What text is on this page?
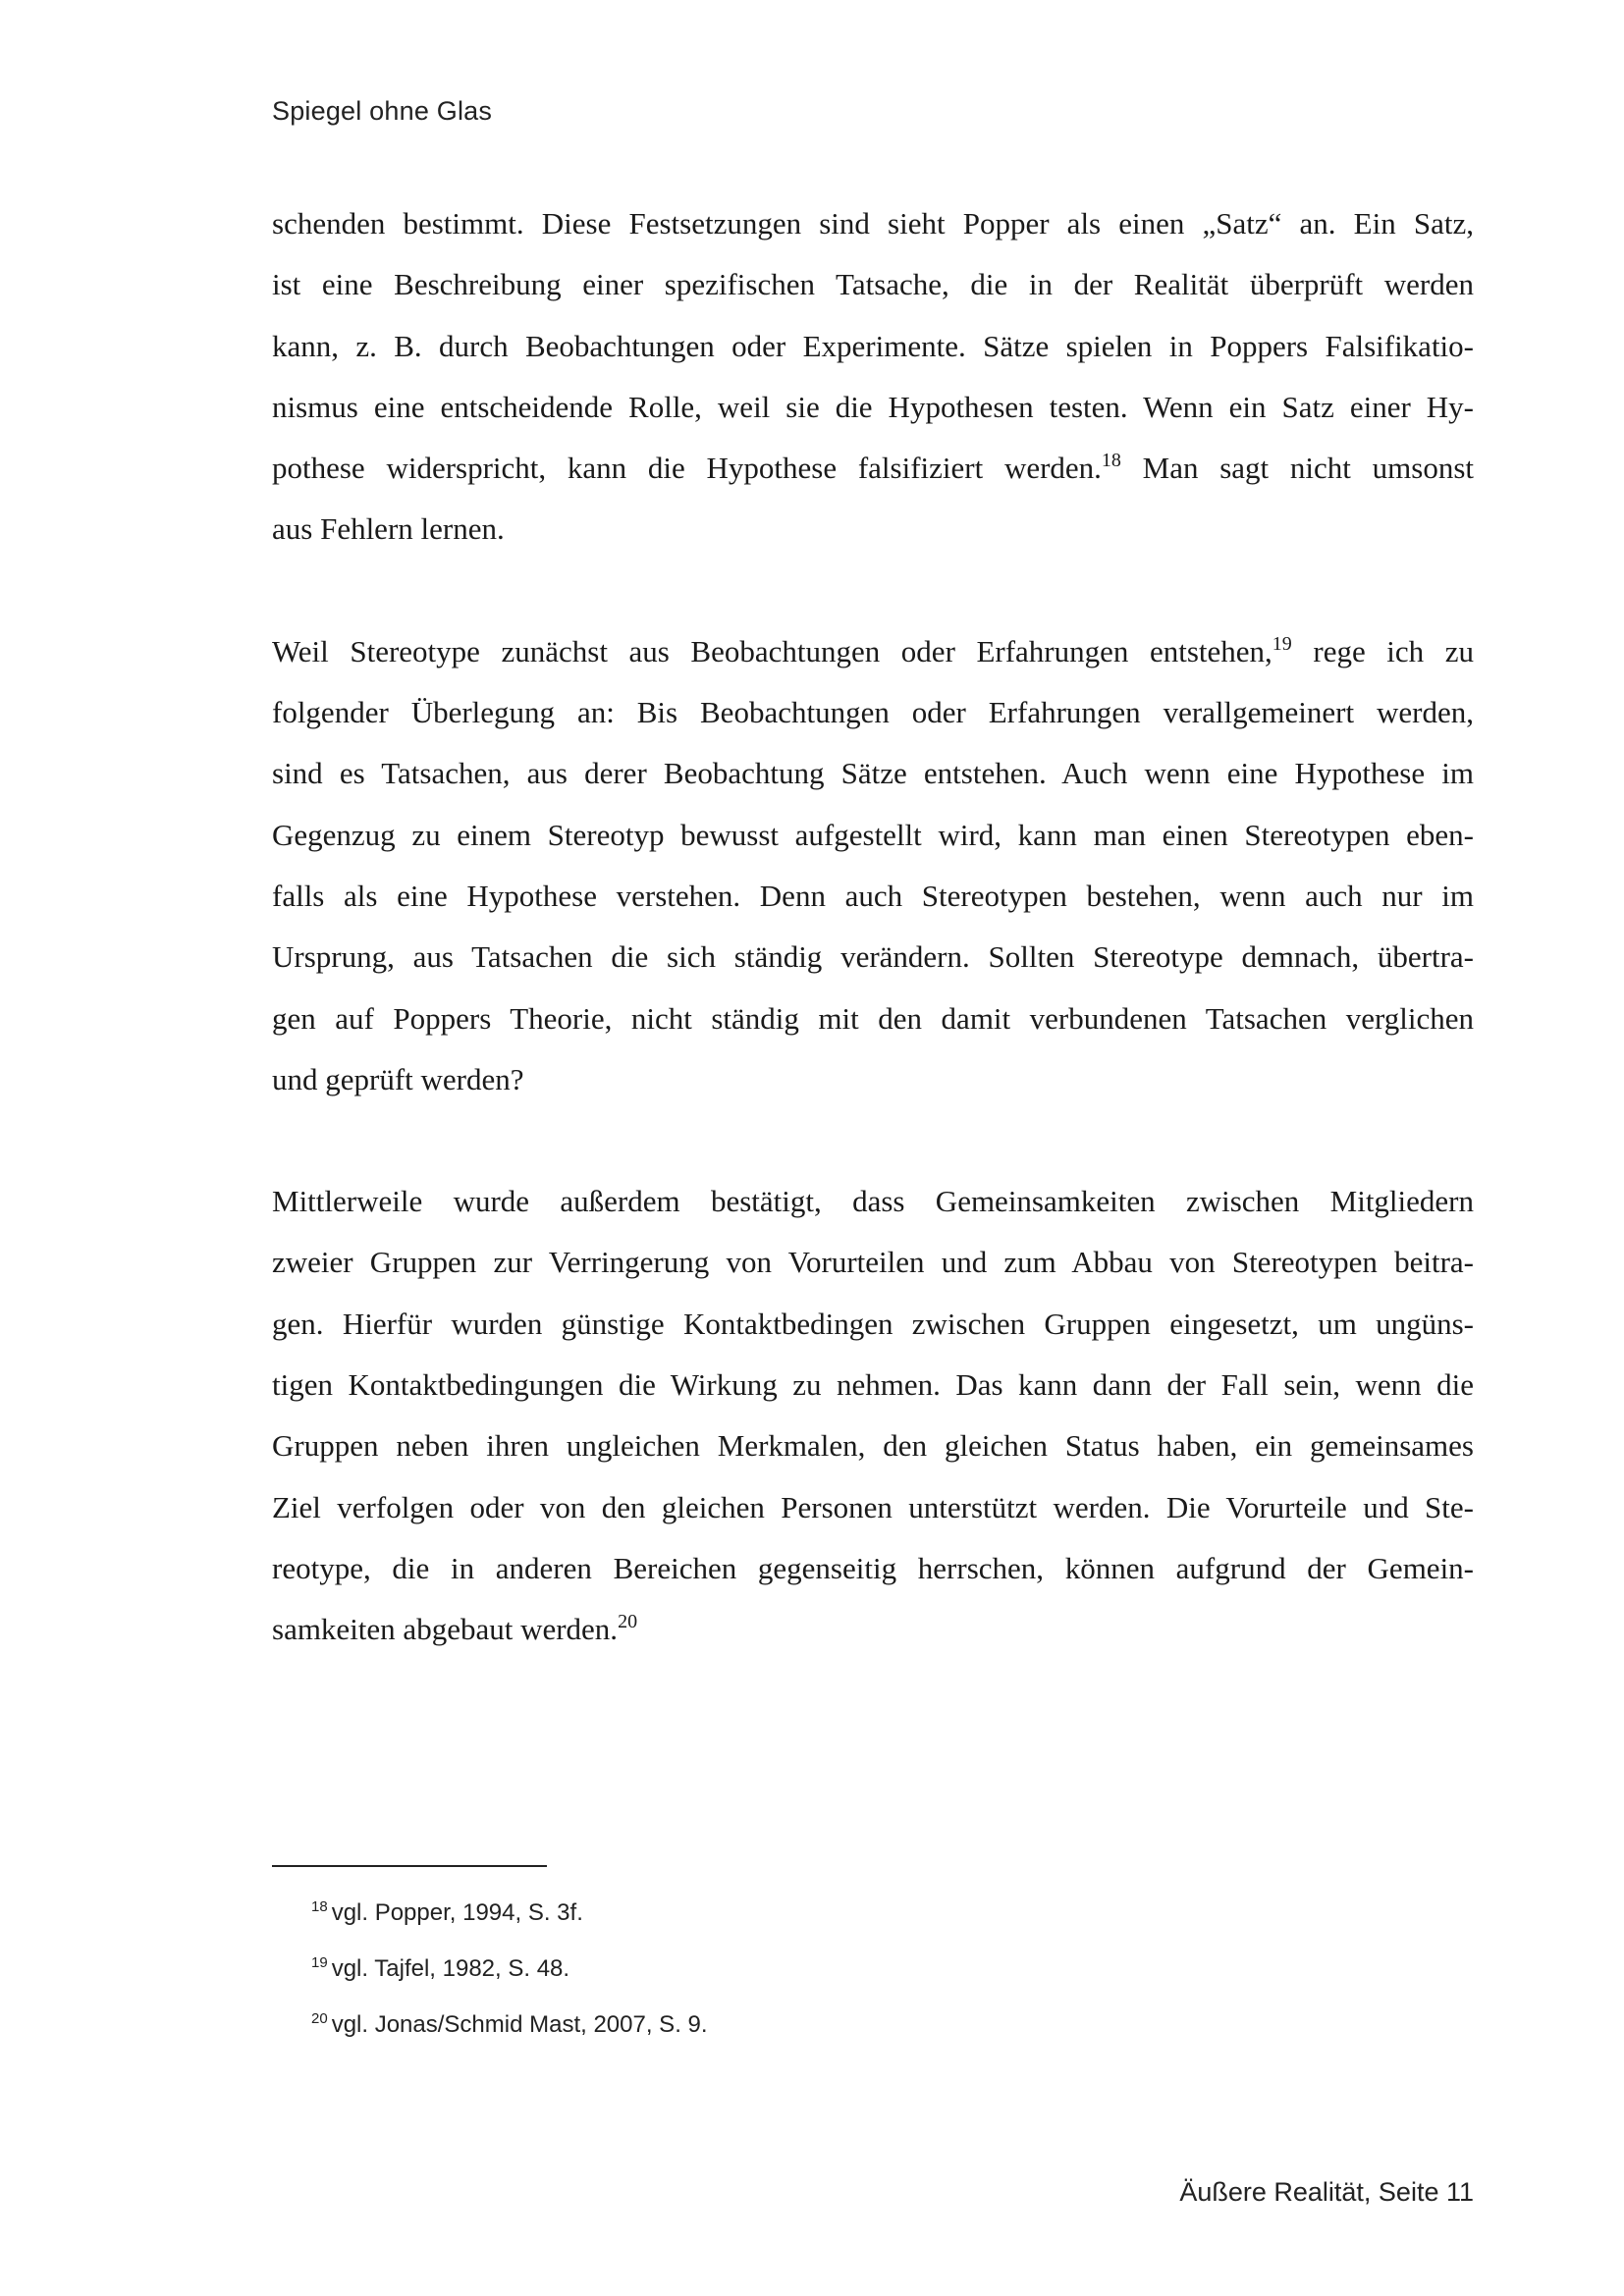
Spiegel ohne Glas

schenden bestimmt. Diese Festsetzungen sind sieht Popper als einen „Satz“ an. Ein Satz,
ist eine Beschreibung einer spezifischen Tatsache, die in der Realität überprüft werden
kann, z. B. durch Beobachtungen oder Experimente. Sätze spielen in Poppers Falsifikatio-
nismus eine entscheidende Rolle, weil sie die Hypothesen testen. Wenn ein Satz einer Hy-
pothese widerspricht, kann die Hypothese falsifiziert werden.$^{18}$ Man sagt nicht umsonst
aus Fehlern lernen.

Weil Stereotype zunächst aus Beobachtungen oder Erfahrungen entstehen,$^{19}$ rege ich zu
folgender Überlegung an: Bis Beobachtungen oder Erfahrungen verallgemeinert werden,
sind es Tatsachen, aus derer Beobachtung Sätze entstehen. Auch wenn eine Hypothese im
Gegenzug zu einem Stereotyp bewusst aufgestellt wird, kann man einen Stereotypen eben-
falls als eine Hypothese verstehen. Denn auch Stereotypen bestehen, wenn auch nur im
Ursprung, aus Tatsachen die sich ständig verändern. Sollten Stereotype demnach, übertra-
gen auf Poppers Theorie, nicht ständig mit den damit verbundenen Tatsachen verglichen
und geprüft werden?

Mittlerweile wurde außerdem bestätigt, dass Gemeinsamkeiten zwischen Mitgliedern
zweier Gruppen zur Verringerung von Vorurteilen und zum Abbau von Stereotypen beitra-
gen. Hierfür wurden günstige Kontaktbedingen zwischen Gruppen eingesetzt, um ungüns-
tigen Kontaktbedingungen die Wirkung zu nehmen. Das kann dann der Fall sein, wenn die
Gruppen neben ihren ungleichen Merkmalen, den gleichen Status haben, ein gemeinsames
Ziel verfolgen oder von den gleichen Personen unterstützt werden. Die Vorurteile und Ste-
reotype, die in anderen Bereichen gegenseitig herrschen, können aufgrund der Gemein-
samkeiten abgebaut werden.$^{20}$

$^{18}$ vgl. Popper, 1994, S. 3f.
$^{19}$ vgl. Tajfel, 1982, S. 48.
$^{20}$ vgl. Jonas/Schmid Mast, 2007, S. 9.
Äußere Realität, Seite 11
